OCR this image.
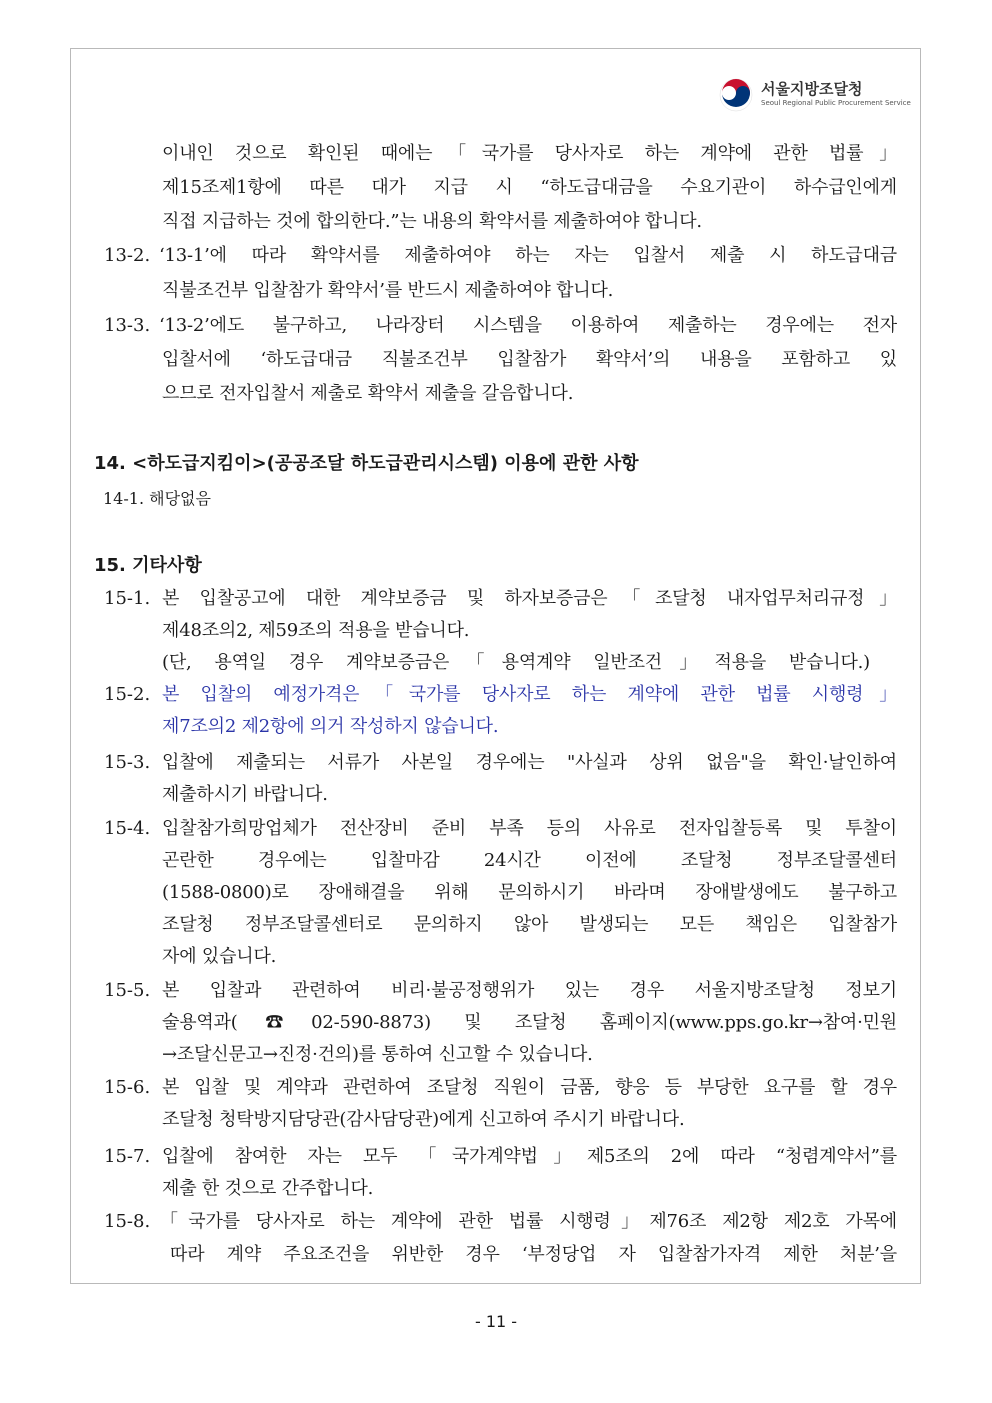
서울지방조달청
Seoul Regional Public Procurement Service
이내인 것으로 확인된 때에는「국가를 당사자로 하는 계약에 관한 법률」
제15조제1항에 따른 대가 지급 시 “하도급대금을 수요기관이 하수급인에게
직접 지급하는 것에 합의한다.”는 내용의 확약서를 제출하여야 합니다.
13-2. ‘13-1’에 따라 확약서를 제출하여야 하는 자는 입찰서 제출 시 하도급대금
직불조건부 입찰참가 확약서’를 반드시 제출하여야 합니다.
13-3. ‘13-2’에도 불구하고, 나라장터 시스템을 이용하여 제출하는 경우에는 전자
입찰서에 ‘하도급대금 직불조건부 입찰참가 확약서’의 내용을 포함하고 있
으므로 전자입찰서 제출로 확약서 제출을 갈음합니다.
14. <하도급지킴이>(공공조달 하도급관리시스템) 이용에 관한 사항
14-1. 해당없음
15. 기타사항
15-1. 본 입찰공고에 대한 계약보증금 및 하자보증금은「조달청 내자업무처리규정」
제48조의2, 제59조의 적용을 받습니다.
(단, 용역일 경우 계약보증금은「용역계약 일반조건」적용을 받습니다.)
15-2. 본 입찰의 예정가격은「국가를 당사자로 하는 계약에 관한 법률 시행령」
제7조의2 제2항에 의거 작성하지 않습니다.
15-3. 입찰에 제출되는 서류가 사본일 경우에는 "사실과 상위 없음"을 확인·날인하여
제출하시기 바랍니다.
15-4. 입찰참가희망업체가 전산장비 준비 부족 등의 사유로 전자입찰등록 및 투찰이
곤란한 경우에는 입찰마감 24시간 이전에 조달청 정부조달콜센터
(1588-0800)로 장애해결을 위해 문의하시기 바라며 장애발생에도 불구하고
조달청 정부조달콜센터로 문의하지 않아 발생되는 모든 책임은 입찰참가
자에 있습니다.
15-5. 본 입찰과 관련하여 비리·불공정행위가 있는 경우 서울지방조달청 정보기
술용역과(☎02-590-8873) 및 조달청 홈페이지(www.pps.go.kr→참여·민원
→조달신문고→진정·건의)를 통하여 신고할 수 있습니다.
15-6. 본 입찰 및 계약과 관련하여 조달청 직원이 금품, 향응 등 부당한 요구를 할 경우
조달청 청탁방지담당관(감사담당관)에게 신고하여 주시기 바랍니다.
15-7. 입찰에 참여한 자는 모두 「국가계약법」제5조의 2에 따라 “청렴계약서”를
제출 한 것으로 간주합니다.
15-8. 「국가를 당사자로 하는 계약에 관한 법률 시행령」제76조 제2항 제2호 가목에
따라 계약 주요조건을 위반한 경우 ‘부정당업 자 입찰참가자격 제한 처분’을
- 11 -
